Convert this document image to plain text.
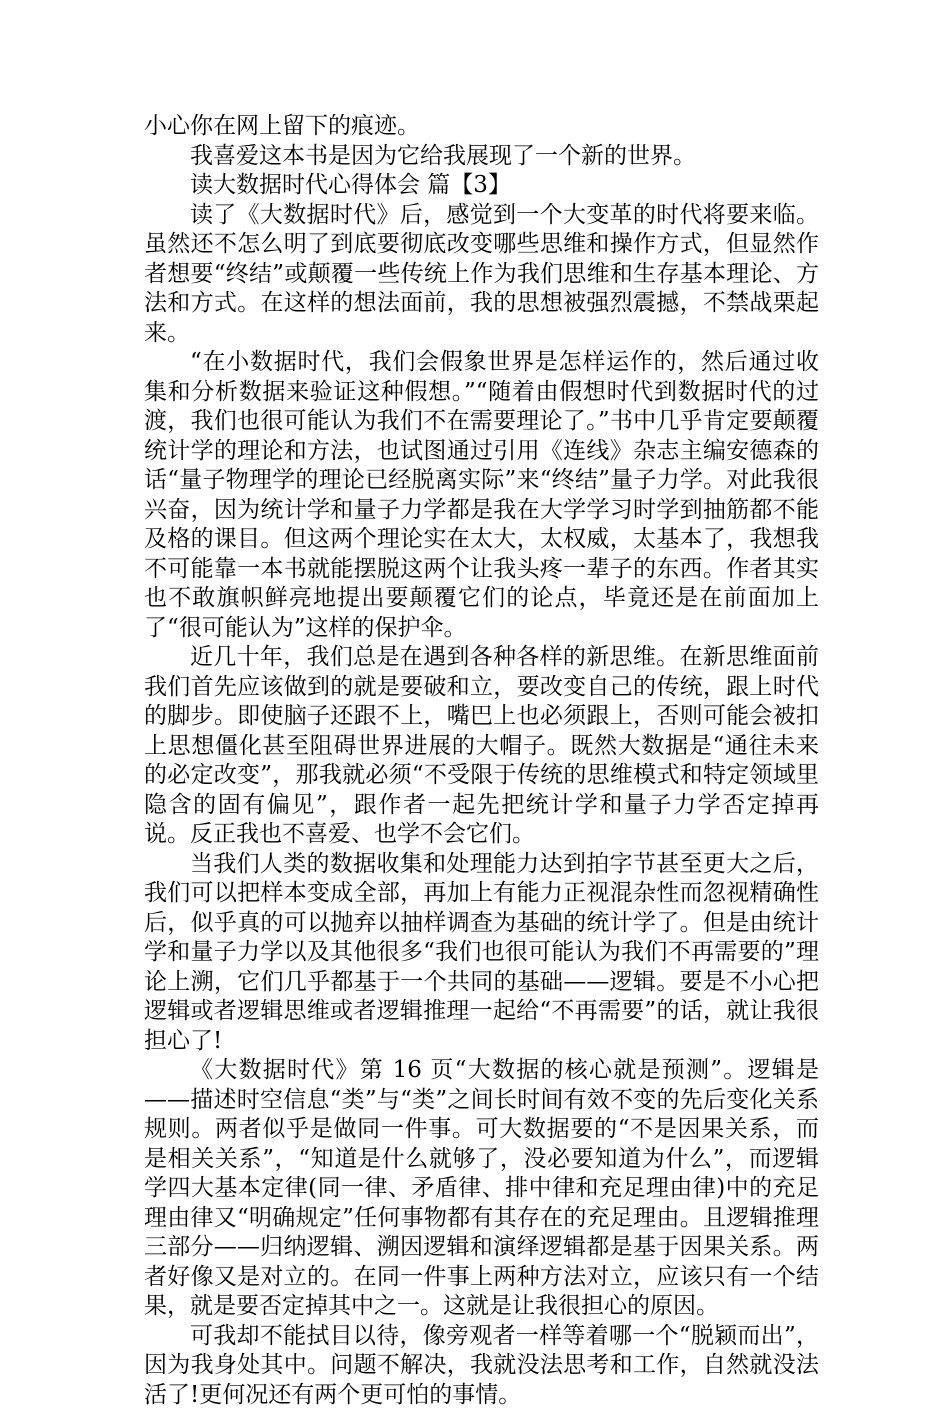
小心你在网上留下的痕迹。

我喜爱这本书是因为它给我展现了一个新的世界。

读大数据时代心得体会 篇【3】

读了《大数据时代》后，感觉到一个大变革的时代将要来临。虽然还不怎么明了到底要彻底改变哪些思维和操作方式，但显然作者想要“终结”或颠覆一些传统上作为我们思维和生存基本理论、方法和方式。在这样的想法面前，我的思想被强烈震撼，不禁战栗起来。

“在小数据时代，我们会假象世界是怎样运作的，然后通过收集和分析数据来验证这种假想。”“随着由假想时代到数据时代的过渡，我们也很可能认为我们不在需要理论了。”书中几乎肯定要颠覆统计学的理论和方法，也试图通过引用《连线》杂志主编安德森的话“量子物理学的理论已经脱离实际”来“终结”量子力学。对此我很兴奋，因为统计学和量子力学都是我在大学学习时学到抽筋都不能及格的课目。但这两个理论实在太大，太权威，太基本了，我想我不可能靠一本书就能摆脱这两个让我头疼一辈子的东西。作者其实也不敢旗帜鲜亮地提出要颠覆它们的论点，毕竟还是在前面加上了“很可能认为”这样的保护伞。

近几十年，我们总是在遇到各种各样的新思维。在新思维面前我们首先应该做到的就是要破和立，要改变自己的传统，跟上时代的脚步。即使脑子还跟不上，嘴巴上也必须跟上，否则可能会被扣上思想僵化甚至阻碍世界进展的大帽子。既然大数据是“通往未来的必定改变”，那我就必须“不受限于传统的思维模式和特定领域里隐含的固有偏见”，跟作者一起先把统计学和量子力学否定掉再说。反正我也不喜爱、也学不会它们。

当我们人类的数据收集和处理能力达到拍字节甚至更大之后，我们可以把样本变成全部，再加上有能力正视混杂性而忽视精确性后，似乎真的可以抛弃以抽样调查为基础的统计学了。但是由统计学和量子力学以及其他很多“我们也很可能认为我们不再需要的”理论上溯，它们几乎都基于一个共同的基础——逻辑。要是不小心把逻辑或者逻辑思维或者逻辑推理一起给“不再需要”的话，就让我很担心了!

《大数据时代》第 16 页“大数据的核心就是预测”。逻辑是——描述时空信息“类”与“类”之间长时间有效不变的先后变化关系规则。两者似乎是做同一件事。可大数据要的“不是因果关系，而是相关关系”，“知道是什么就够了，没必要知道为什么”，而逻辑学四大基本定律(同一律、矛盾律、排中律和充足理由律)中的充足理由律又“明确规定”任何事物都有其存在的充足理由。且逻辑推理三部分——归纳逻辑、溯因逻辑和演绎逻辑都是基于因果关系。两者好像又是对立的。在同一件事上两种方法对立，应该只有一个结果，就是要否定掉其中之一。这就是让我很担心的原因。

可我却不能拭目以待，像旁观者一样等着哪一个“脱颖而出”，因为我身处其中。问题不解决，我就没法思考和工作，自然就没法活了!更何况还有两个更可怕的事情。
